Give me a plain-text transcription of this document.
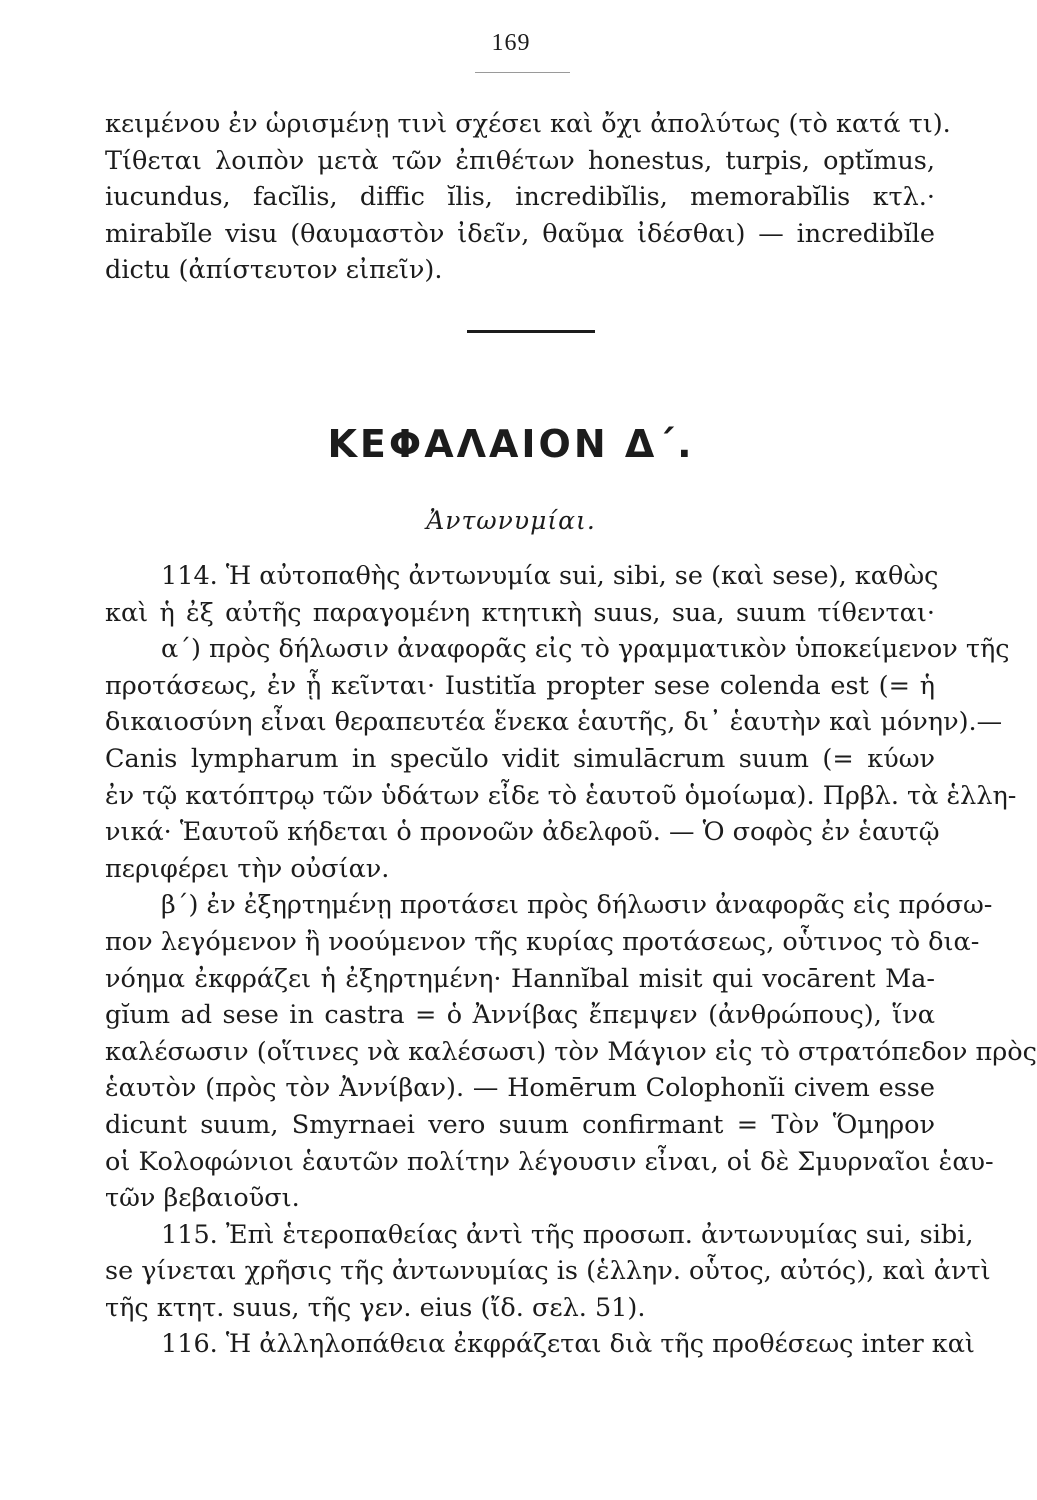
169
κειμένου ἐν ὡρισμένῃ τινὶ σχέσει καὶ ὄχι ἀπολύτως (τὸ κατά τι).
Τίθεται λοιπὸν μετὰ τῶν ἐπιθέτων honestus, turpis, optĭmus,
iucundus, facĭlis, diffic ĭlis, incredibĭlis, memorabĭlis κτλ.·
mirabĭle visu (θαυμαστὸν ἰδεῖν, θαῦμα ἰδέσθαι) — incredibĭle
dictu (ἀπίστευτον εἰπεῖν).
ΚΕΦΑΛΑΙΟΝ Δ΄.
Ἀντωνυμίαι.
114. Ἡ αὐτοπαθὴς ἀντωνυμία sui, sibi, se (καὶ sese), καθὼς
καὶ ἡ ἐξ αὐτῆς παραγομένη κτητικὴ suus, sua, suum τίθενται·
α΄) πρὸς δήλωσιν ἀναφορᾶς εἰς τὸ γραμματικὸν ὑποκείμενον τῆς
προτάσεως, ἐν ᾗ κεῖνται· Iustitĭa propter sese colenda est (= ἡ
δικαιοσύνη εἶναι θεραπευτέα ἕνεκα ἑαυτῆς, δι᾽ ἑαυτὴν καὶ μόνην).—
Canis lympharum in specŭlo vidit simulācrum suum (= κύων
ἐν τῷ κατόπτρῳ τῶν ὑδάτων εἶδε τὸ ἑαυτοῦ ὁμοίωμα). Πρβλ. τὰ ἑλλη-
νικά· Ἑαυτοῦ κήδεται ὁ προνοῶν ἀδελφοῦ. — Ὁ σοφὸς ἐν ἑαυτῷ
περιφέρει τὴν οὐσίαν.
β΄) ἐν ἐξηρτημένῃ προτάσει πρὸς δήλωσιν ἀναφορᾶς εἰς πρόσω-
πον λεγόμενον ἢ νοούμενον τῆς κυρίας προτάσεως, οὗτινος τὸ δια-
νόημα ἐκφράζει ἡ ἐξηρτημένη· Hannĭbal misit qui vocārent Ma-
gĭum ad sese in castra = ὁ Ἀννίβας ἔπεμψεν (ἀνθρώπους), ἵνα
καλέσωσιν (οἵτινες νὰ καλέσωσι) τὸν Μάγιον εἰς τὸ στρατόπεδον πρὸς
ἑαυτὸν (πρὸς τὸν Ἀννίβαν). — Homērum Colophonĭi civem esse
dicunt suum, Smyrnaei vero suum confirmant = Τὸν Ὅμηρον
οἱ Κολοφώνιοι ἑαυτῶν πολίτην λέγουσιν εἶναι, οἱ δὲ Σμυρναῖοι ἑαυ-
τῶν βεβαιοῦσι.
115. Ἐπὶ ἑτεροπαθείας ἀντὶ τῆς προσωπ. ἀντωνυμίας sui, sibi,
se γίνεται χρῆσις τῆς ἀντωνυμίας is (ἑλλην. οὗτος, αὐτός), καὶ ἀντὶ
τῆς κτητ. suus, τῆς γεν. eius (ἴδ. σελ. 51).
116. Ἡ ἀλληλοπάθεια ἐκφράζεται διὰ τῆς προθέσεως inter καὶ
